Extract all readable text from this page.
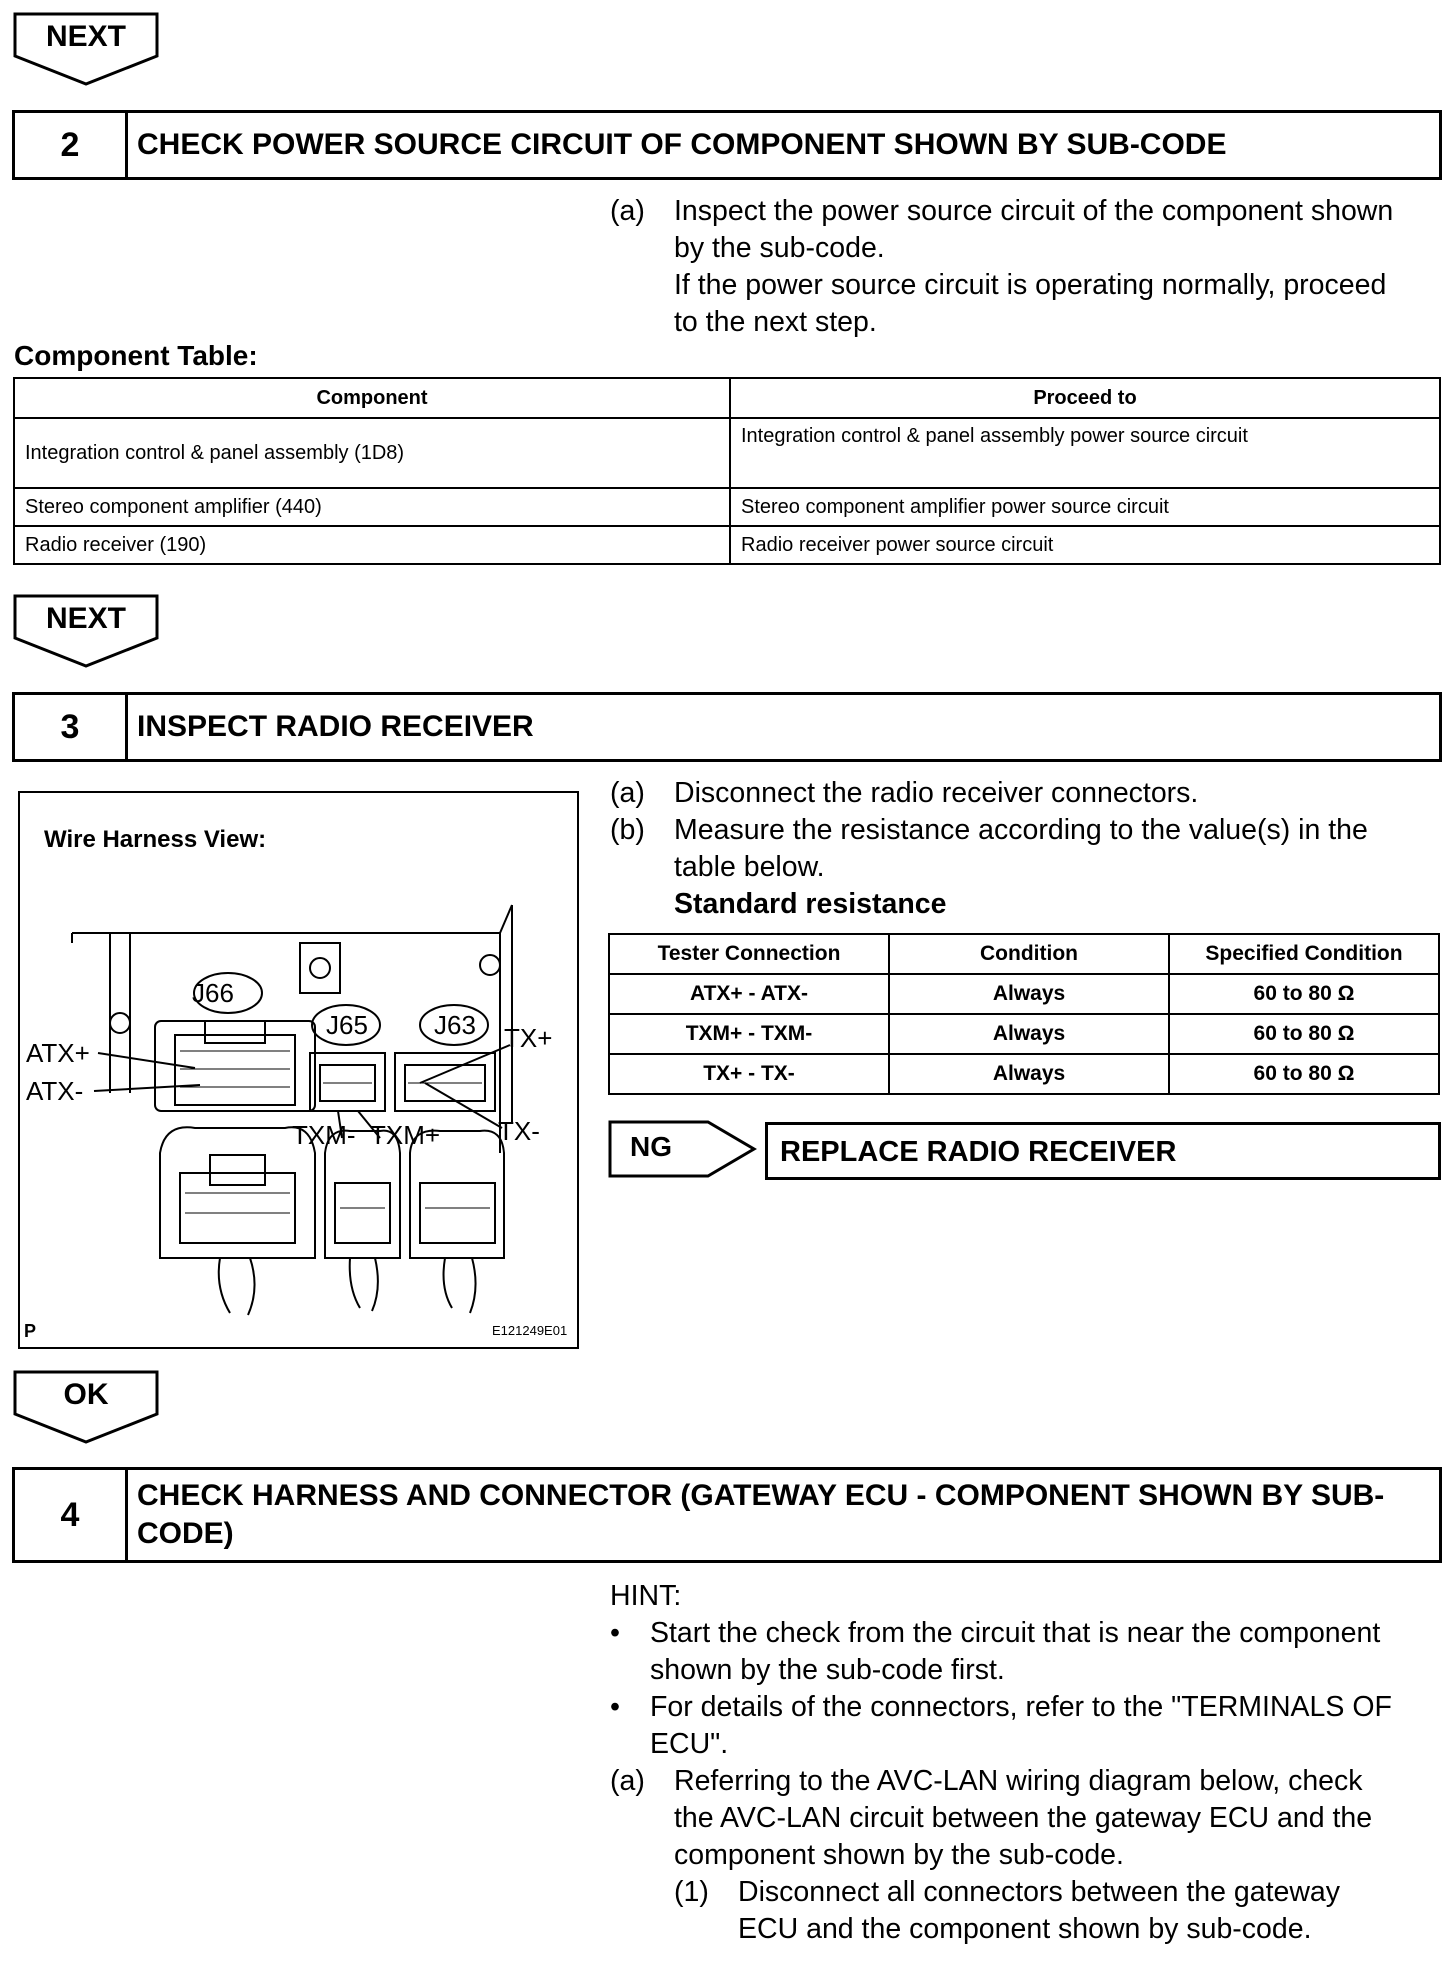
NEXT
2	CHECK POWER SOURCE CIRCUIT OF COMPONENT SHOWN BY SUB-CODE
(a) Inspect the power source circuit of the component shown
by the sub-code.
If the power source circuit is operating normally, proceed
to the next step.
Component Table:
Component	Proceed to
Integration control & panel assembly (1D8)	Integration control & panel assembly power source circuit
Stereo component amplifier (440)	Stereo component amplifier power source circuit
Radio receiver (190)	Radio receiver power source circuit
NEXT
3	INSPECT RADIO RECEIVER
(a) Disconnect the radio receiver connectors.
(b) Measure the resistance according to the value(s) in the
table below.
Standard resistance
Tester Connection	Condition	Specified Condition
ATX+ - ATX-	Always	60 to 80 Ω
TXM+ - TXM-	Always	60 to 80 Ω
TX+ - TX-	Always	60 to 80 Ω
NG	REPLACE RADIO RECEIVER
Wire Harness View:
J66
J65	J63
ATX+
ATX-
TXM- TXM+
TX+
TX-
P	E121249E01
OK
4	CHECK HARNESS AND CONNECTOR (GATEWAY ECU - COMPONENT SHOWN BY SUB-
CODE)
HINT:
• Start the check from the circuit that is near the component
shown by the sub-code first.
• For details of the connectors, refer to the "TERMINALS OF
ECU".
(a) Referring to the AVC-LAN wiring diagram below, check
the AVC-LAN circuit between the gateway ECU and the
component shown by the sub-code.
(1) Disconnect all connectors between the gateway
ECU and the component shown by sub-code.
